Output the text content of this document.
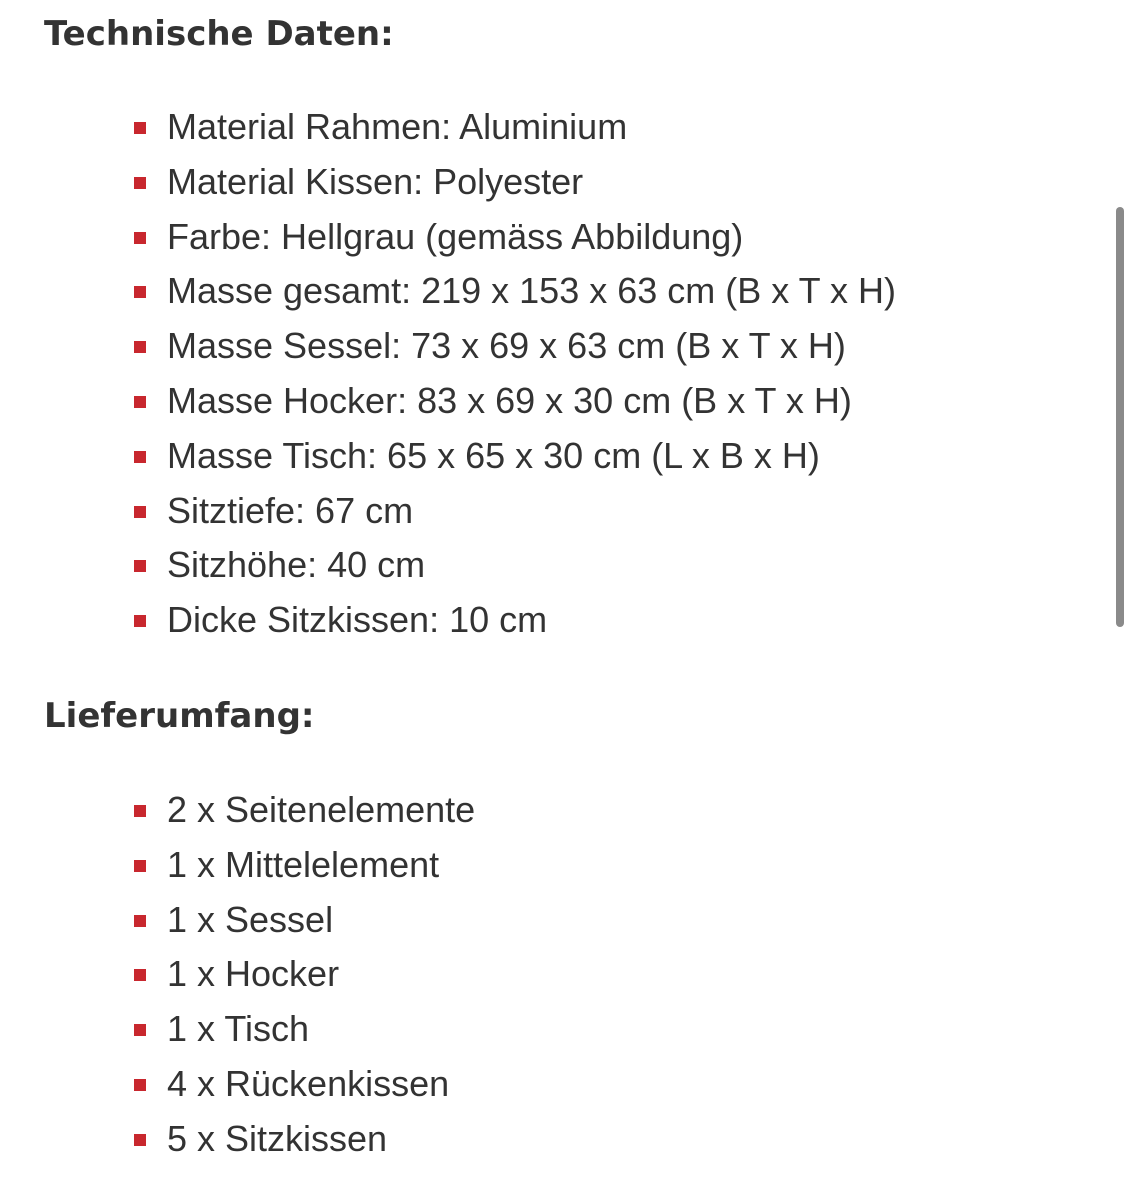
Technische Daten:
Material Rahmen: Aluminium
Material Kissen: Polyester
Farbe: Hellgrau (gemäss Abbildung)
Masse gesamt: 219 x 153 x 63 cm (B x T x H)
Masse Sessel: 73 x 69 x 63 cm (B x T x H)
Masse Hocker: 83 x 69 x 30 cm (B x T x H)
Masse Tisch: 65 x 65 x 30 cm (L x B x H)
Sitztiefe: 67 cm
Sitzhöhe: 40 cm
Dicke Sitzkissen: 10 cm
Lieferumfang:
2 x Seitenelemente
1 x Mittelelement
1 x Sessel
1 x Hocker
1 x Tisch
4 x Rückenkissen
5 x Sitzkissen
